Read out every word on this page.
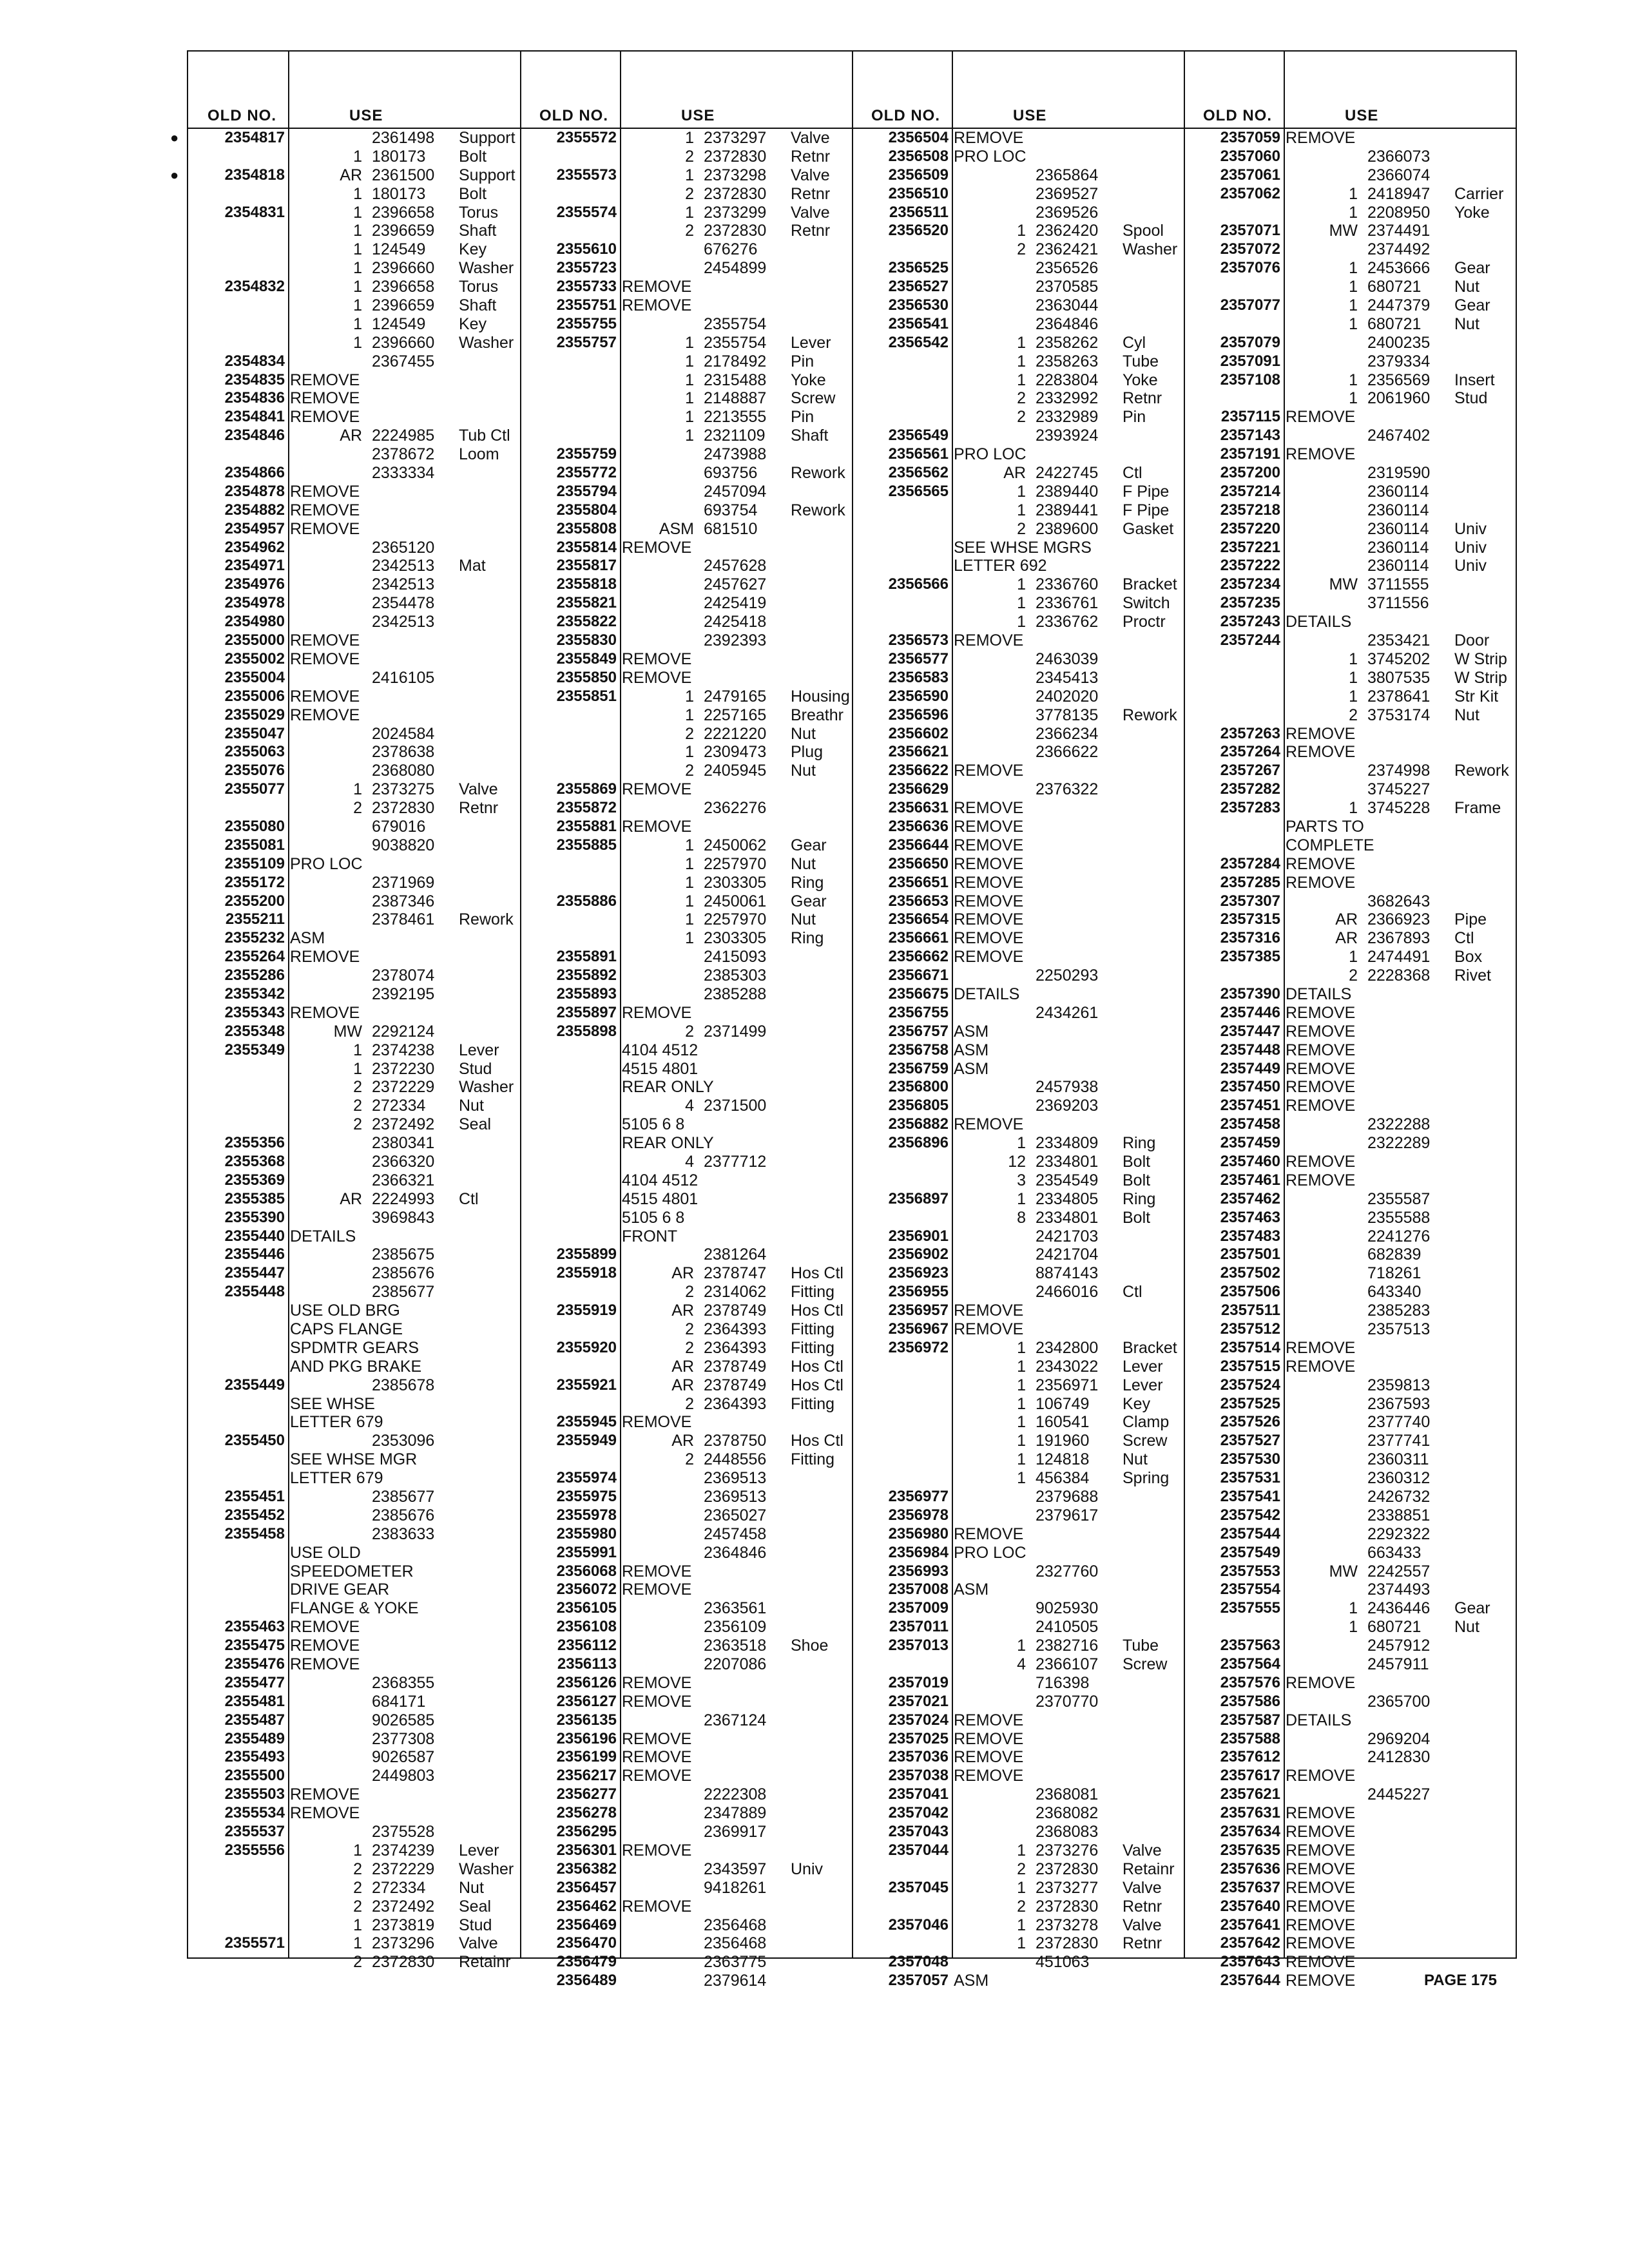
OLD NO.	USE
●	2354817	2361498 Support
1 180173 Bolt
●	2354818	AR 2361500 Support
1 180173 Bolt
2354831	1 2396658 Torus
1 2396659 Shaft
1 124549 Key
1 2396660 Washer
2354832	1 2396658 Torus
1 2396659 Shaft
1 124549 Key
1 2396660 Washer
2354834	2367455
2354835 REMOVE
2354836 REMOVE
2354841 REMOVE
2354846	AR 2224985 Tub Ctl
2378672 Loom
2354866	2333334
2354878 REMOVE
2354882 REMOVE
2354957 REMOVE
2354962	2365120
2354971	2342513 Mat
2354976	2342513
2354978	2354478
2354980	2342513
2355000 REMOVE
2355002 REMOVE
2355004	2416105
2355006 REMOVE
2355029 REMOVE
2355047	2024584
2355063	2378638
2355076	2368080
2355077	1 2373275 Valve
2 2372830 Retnr
2355080	679016
2355081	9038820
2355109 PRO LOC
2355172	2371969
2355200	2387346
2355211	2378461 Rework
2355232 ASM
2355264 REMOVE
2355286	2378074
2355342	2392195
2355343 REMOVE
2355348	MW 2292124
2355349	1 2374238 Lever
1 2372230 Stud
2 2372229 Washer
2 272334 Nut
2 2372492 Seal
2355356	2380341
2355368	2366320
2355369	2366321
2355385	AR 2224993 Ctl
2355390	3969843
2355440 DETAILS
2355446	2385675
2355447	2385676
2355448	2385677
USE OLD BRG
CAPS FLANGE
SPDMTR GEARS
AND PKG BRAKE
2355449	2385678
SEE WHSE
LETTER 679
2355450	2353096
SEE WHSE MGR
LETTER 679
2355451	2385677
2355452	2385676
2355458	2383633
USE OLD
SPEEDOMETER
DRIVE GEAR
FLANGE & YOKE
2355463 REMOVE
2355475 REMOVE
2355476 REMOVE
2355477	2368355
2355481	684171
2355487	9026585
2355489	2377308
2355493	9026587
2355500	2449803
2355503 REMOVE
2355534 REMOVE
2355537	2375528
2355556	1 2374239 Lever
2 2372229 Washer
2 272334 Nut
2 2372492 Seal
1 2373819 Stud
2355571	1 2373296 Valve
2 2372830 Retainr
OLD NO.	USE
2355572	1 2373297 Valve
2 2372830 Retnr
2355573	1 2373298 Valve
2 2372830 Retnr
2355574	1 2373299 Valve
2 2372830 Retnr
2355610	676276
2355723	2454899
2355733 REMOVE
2355751 REMOVE
2355755	2355754
2355757	1 2355754 Lever
1 2178492 Pin
1 2315488 Yoke
1 2148887 Screw
1 2213555 Pin
1 2321109 Shaft
2355759	2473988
2355772	693756 Rework
2355794	2457094
2355804	693754 Rework
2355808	ASM 681510
2355814 REMOVE
2355817	2457628
2355818	2457627
2355821	2425419
2355822	2425418
2355830	2392393
2355849 REMOVE
2355850 REMOVE
2355851	1 2479165 Housing
1 2257165 Breathr
2 2221220 Nut
1 2309473 Plug
2 2405945 Nut
2355869 REMOVE
2355872	2362276
2355881 REMOVE
2355885	1 2450062 Gear
1 2257970 Nut
1 2303305 Ring
2355886	1 2450061 Gear
1 2257970 Nut
1 2303305 Ring
2355891	2415093
2355892	2385303
2355893	2385288
2355897 REMOVE
2355898	2 2371499
4104 4512
4515 4801
REAR ONLY
4 2371500
5105 6 8
REAR ONLY
4 2377712
4104 4512
4515 4801
5105 6 8
FRONT
2355899	2381264
2355918	AR 2378747 Hos Ctl
2 2314062 Fitting
2355919	AR 2378749 Hos Ctl
2 2364393 Fitting
2355920	2 2364393 Fitting
AR 2378749 Hos Ctl
2355921	AR 2378749 Hos Ctl
2 2364393 Fitting
2355945 REMOVE
2355949	AR 2378750 Hos Ctl
2 2448556 Fitting
2355974	2369513
2355975	2369513
2355978	2365027
2355980	2457458
2355991	2364846
2356068 REMOVE
2356072 REMOVE
2356105	2363561
2356108	2356109
2356112	2363518 Shoe
2356113	2207086
2356126 REMOVE
2356127 REMOVE
2356135	2367124
2356196 REMOVE
2356199 REMOVE
2356217 REMOVE
2356277	2222308
2356278	2347889
2356295	2369917
2356301 REMOVE
2356382	2343597 Univ
2356457	9418261
2356462 REMOVE
2356469	2356468
2356470	2356468
2356479	2363775
2356489	2379614
OLD NO.	USE
2356504 REMOVE
2356508 PRO LOC
2356509	2365864
2356510	2369527
2356511	2369526
2356520	1 2362420 Spool
2 2362421 Washer
2356525	2356526
2356527	2370585
2356530	2363044
2356541	2364846
2356542	1 2358262 Cyl
1 2358263 Tube
1 2283804 Yoke
2 2332992 Retnr
2 2332989 Pin
2356549	2393924
2356561 PRO LOC
2356562	AR 2422745 Ctl
2356565	1 2389440 F Pipe
1 2389441 F Pipe
2 2389600 Gasket
SEE WHSE MGRS
LETTER 692
2356566	1 2336760 Bracket
1 2336761 Switch
1 2336762 Proctr
2356573 REMOVE
2356577	2463039
2356583	2345413
2356590	2402020
2356596	3778135 Rework
2356602	2366234
2356621	2366622
2356622 REMOVE
2356629	2376322
2356631 REMOVE
2356636 REMOVE
2356644 REMOVE
2356650 REMOVE
2356651 REMOVE
2356653 REMOVE
2356654 REMOVE
2356661 REMOVE
2356662 REMOVE
2356671	2250293
2356675 DETAILS
2356755	2434261
2356757 ASM
2356758 ASM
2356759 ASM
2356800	2457938
2356805	2369203
2356882 REMOVE
2356896	1 2334809 Ring
12 2334801 Bolt
3 2354549 Bolt
2356897	1 2334805 Ring
8 2334801 Bolt
2356901	2421703
2356902	2421704
2356923	8874143
2356955	2466016 Ctl
2356957 REMOVE
2356967 REMOVE
2356972	1 2342800 Bracket
1 2343022 Lever
1 2356971 Lever
1 106749 Key
1 160541 Clamp
1 191960 Screw
1 124818 Nut
1 456384 Spring
2356977	2379688
2356978	2379617
2356980 REMOVE
2356984 PRO LOC
2356993	2327760
2357008 ASM
2357009	9025930
2357011	2410505
2357013	1 2382716 Tube
4 2366107 Screw
2357019	716398
2357021	2370770
2357024 REMOVE
2357025 REMOVE
2357036 REMOVE
2357038 REMOVE
2357041	2368081
2357042	2368082
2357043	2368083
2357044	1 2373276 Valve
2 2372830 Retainr
2357045	1 2373277 Valve
2 2372830 Retnr
2357046	1 2373278 Valve
1 2372830 Retnr
2357048	451063
2357057 ASM
OLD NO.	USE
2357059 REMOVE
2357060	2366073
2357061	2366074
2357062	1 2418947 Carrier
1 2208950 Yoke
2357071	MW 2374491
2357072	2374492
2357076	1 2453666 Gear
1 680721 Nut
2357077	1 2447379 Gear
1 680721 Nut
2357079	2400235
2357091	2379334
2357108	1 2356569 Insert
1 2061960 Stud
2357115 REMOVE
2357143	2467402
2357191 REMOVE
2357200	2319590
2357214	2360114
2357218	2360114
2357220	2360114 Univ
2357221	2360114 Univ
2357222	2360114 Univ
2357234	MW 3711555
2357235	3711556
2357243 DETAILS
2357244	2353421 Door
1 3745202 W Strip
1 3807535 W Strip
1 2378641 Str Kit
2 3753174 Nut
2357263 REMOVE
2357264 REMOVE
2357267	2374998 Rework
2357282	3745227
2357283	1 3745228 Frame
PARTS TO
COMPLETE
2357284 REMOVE
2357285 REMOVE
2357307	3682643
2357315	AR 2366923 Pipe
2357316	AR 2367893 Ctl
2357385	1 2474491 Box
2 2228368 Rivet
2357390 DETAILS
2357446 REMOVE
2357447 REMOVE
2357448 REMOVE
2357449 REMOVE
2357450 REMOVE
2357451 REMOVE
2357458	2322288
2357459	2322289
2357460 REMOVE
2357461 REMOVE
2357462	2355587
2357463	2355588
2357483	2241276
2357501	682839
2357502	718261
2357506	643340
2357511	2385283
2357512	2357513
2357514 REMOVE
2357515 REMOVE
2357524	2359813
2357525	2367593
2357526	2377740
2357527	2377741
2357530	2360311
2357531	2360312
2357541	2426732
2357542	2338851
2357544	2292322
2357549	663433
2357553	MW 2242557
2357554	2374493
2357555	1 2436446 Gear
1 680721 Nut
2357563	2457912
2357564	2457911
2357576 REMOVE
2357586	2365700
2357587 DETAILS
2357588	2969204
2357612	2412830
2357617 REMOVE
2357621	2445227
2357631 REMOVE
2357634 REMOVE
2357635 REMOVE
2357636 REMOVE
2357637 REMOVE
2357640 REMOVE
2357641 REMOVE
2357642 REMOVE
2357643 REMOVE
2357644 REMOVE	PAGE 175
